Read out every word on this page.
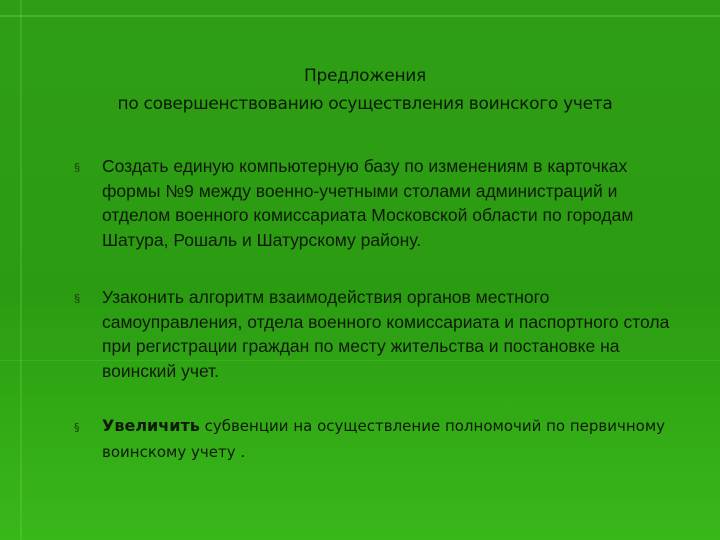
Предложения
по совершенствованию осуществления воинского учета
§	Создать единую компьютерную базу по изменениям в карточках формы №9 между военно-учетными столами администраций и отделом военного комиссариата Московской области по городам Шатура, Рошаль и Шатурскому району.
§	Узаконить алгоритм взаимодействия органов местного самоуправления, отдела военного комиссариата и паспортного стола при регистрации граждан по месту жительства и постановке на воинский учет.
§	Увеличить субвенции на осуществление полномочий по первичному воинскому учету .
